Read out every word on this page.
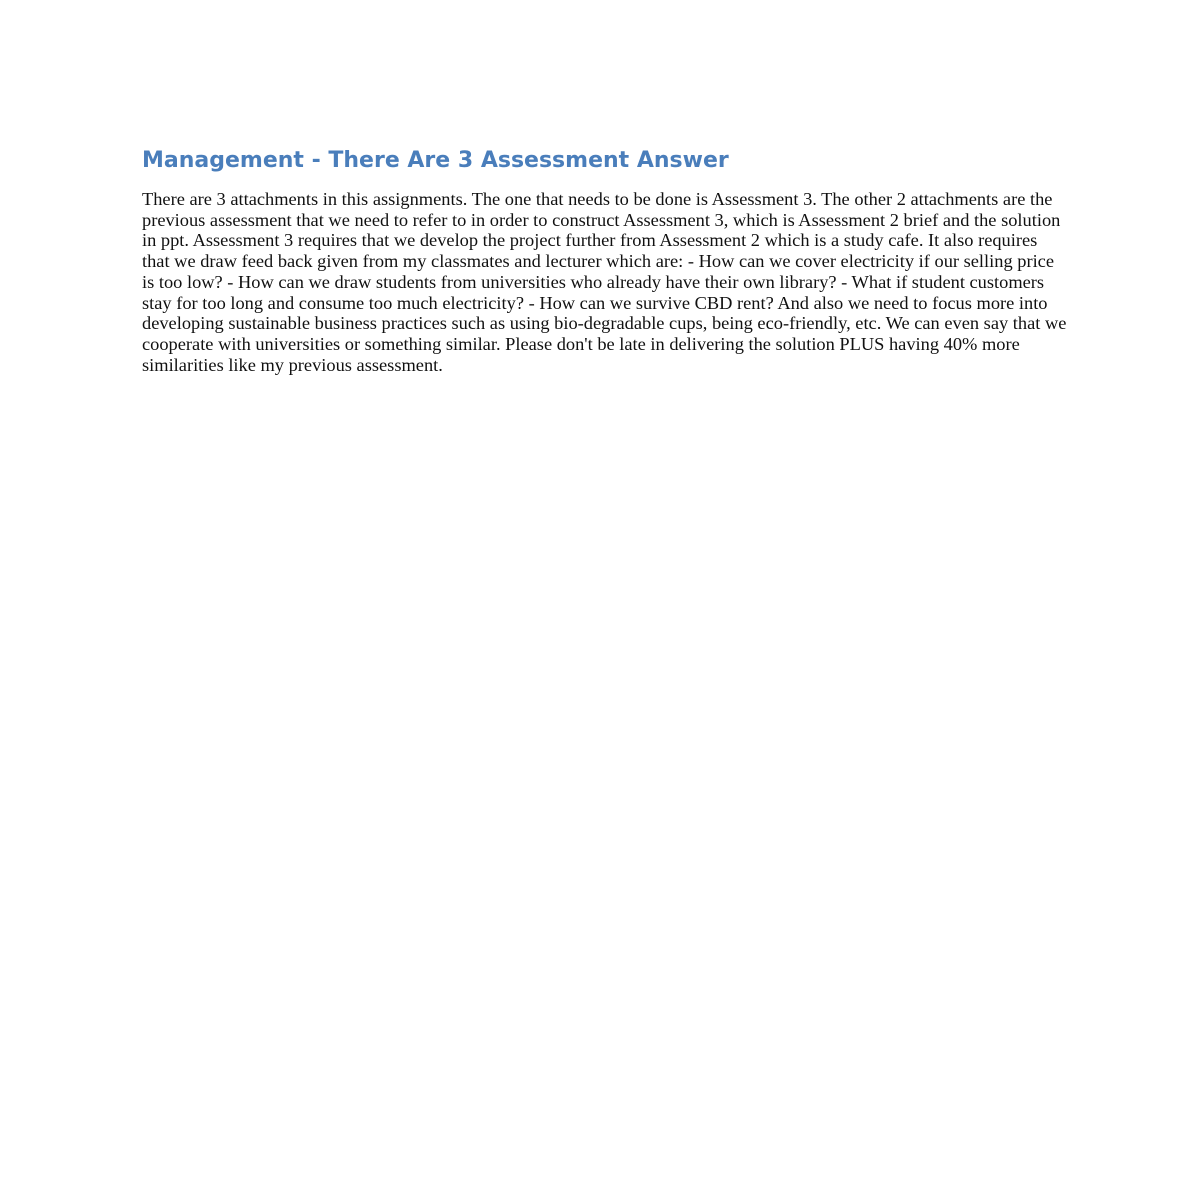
Management - There Are 3 Assessment Answer

There are 3 attachments in this assignments. The one that needs to be done is Assessment 3. The other 2 attachments are the previous assessment that we need to refer to in order to construct Assessment 3, which is Assessment 2 brief and the solution in ppt. Assessment 3 requires that we develop the project further from Assessment 2 which is a study cafe. It also requires that we draw feed back given from my classmates and lecturer which are: - How can we cover electricity if our selling price is too low? - How can we draw students from universities who already have their own library? - What if student customers stay for too long and consume too much electricity? - How can we survive CBD rent? And also we need to focus more into developing sustainable business practices such as using bio-degradable cups, being eco-friendly, etc. We can even say that we cooperate with universities or something similar. Please don't be late in delivering the solution PLUS having 40% more similarities like my previous assessment.
